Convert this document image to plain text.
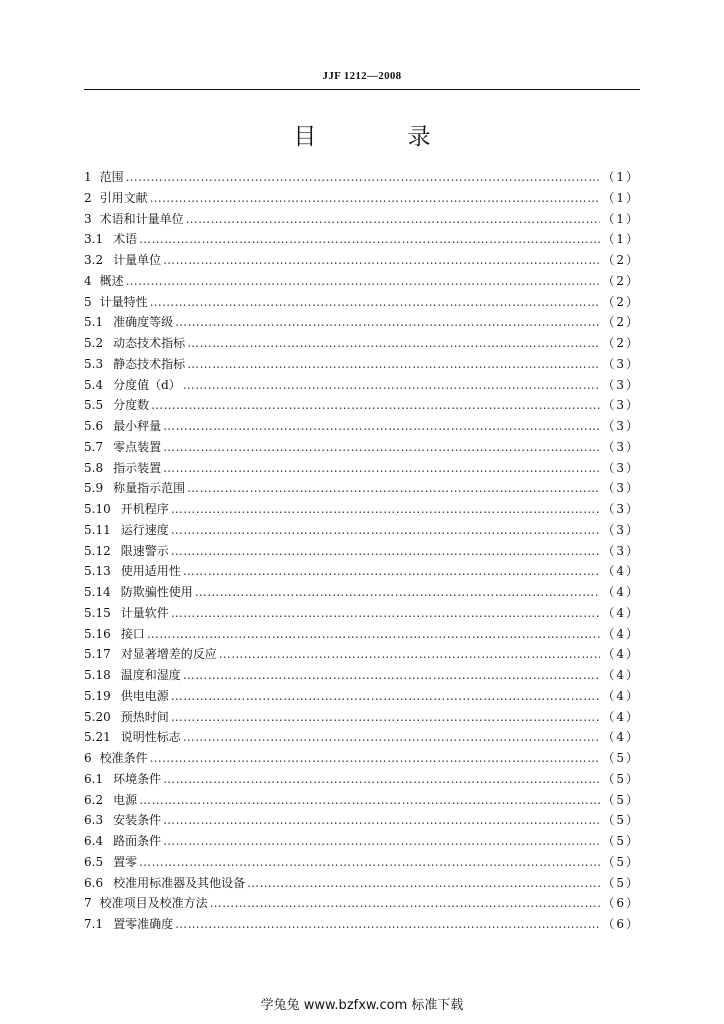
JJF 1212—2008
目 录
1 范围 ………………………………………………………………………………………………………………………………………………………………………………………	（1）
2 引用文献 ………………………………………………………………………………………………………………………………………………………………………………………	（1）
3 术语和计量单位 ………………………………………………………………………………………………………………………………………………………………………………………	（1）
3.1 术语 ………………………………………………………………………………………………………………………………………………………………………………………	（1）
3.2 计量单位 ………………………………………………………………………………………………………………………………………………………………………………………	（2）
4 概述 ………………………………………………………………………………………………………………………………………………………………………………………	（2）
5 计量特性 ………………………………………………………………………………………………………………………………………………………………………………………	（2）
5.1 准确度等级 ………………………………………………………………………………………………………………………………………………………………………………………	（2）
5.2 动态技术指标 ………………………………………………………………………………………………………………………………………………………………………………………	（2）
5.3 静态技术指标 ………………………………………………………………………………………………………………………………………………………………………………………	（3）
5.4 分度值（d） ………………………………………………………………………………………………………………………………………………………………………………………	（3）
5.5 分度数 ………………………………………………………………………………………………………………………………………………………………………………………	（3）
5.6 最小秤量 ………………………………………………………………………………………………………………………………………………………………………………………	（3）
5.7 零点装置 ………………………………………………………………………………………………………………………………………………………………………………………	（3）
5.8 指示装置 ………………………………………………………………………………………………………………………………………………………………………………………	（3）
5.9 称量指示范围 ………………………………………………………………………………………………………………………………………………………………………………………	（3）
5.10 开机程序 ………………………………………………………………………………………………………………………………………………………………………………………	（3）
5.11 运行速度 ………………………………………………………………………………………………………………………………………………………………………………………	（3）
5.12 限速警示 ………………………………………………………………………………………………………………………………………………………………………………………	（3）
5.13 使用适用性 ………………………………………………………………………………………………………………………………………………………………………………………	（4）
5.14 防欺骗性使用 ………………………………………………………………………………………………………………………………………………………………………………………	（4）
5.15 计量软件 ………………………………………………………………………………………………………………………………………………………………………………………	（4）
5.16 接口 ………………………………………………………………………………………………………………………………………………………………………………………	（4）
5.17 对显著增差的反应 ………………………………………………………………………………………………………………………………………………………………………………………	（4）
5.18 温度和湿度 ………………………………………………………………………………………………………………………………………………………………………………………	（4）
5.19 供电电源 ………………………………………………………………………………………………………………………………………………………………………………………	（4）
5.20 预热时间 ………………………………………………………………………………………………………………………………………………………………………………………	（4）
5.21 说明性标志 ………………………………………………………………………………………………………………………………………………………………………………………	（4）
6 校准条件 ………………………………………………………………………………………………………………………………………………………………………………………	（5）
6.1 环境条件 ………………………………………………………………………………………………………………………………………………………………………………………	（5）
6.2 电源 ………………………………………………………………………………………………………………………………………………………………………………………	（5）
6.3 安装条件 ………………………………………………………………………………………………………………………………………………………………………………………	（5）
6.4 路面条件 ………………………………………………………………………………………………………………………………………………………………………………………	（5）
6.5 置零 ………………………………………………………………………………………………………………………………………………………………………………………	（5）
6.6 校准用标准器及其他设备 ………………………………………………………………………………………………………………………………………………………………………………………	（5）
7 校准项目及校准方法 ………………………………………………………………………………………………………………………………………………………………………………………	（6）
7.1 置零准确度 ………………………………………………………………………………………………………………………………………………………………………………………	（6）
学兔兔 www.bzfxw.com 标准下载
